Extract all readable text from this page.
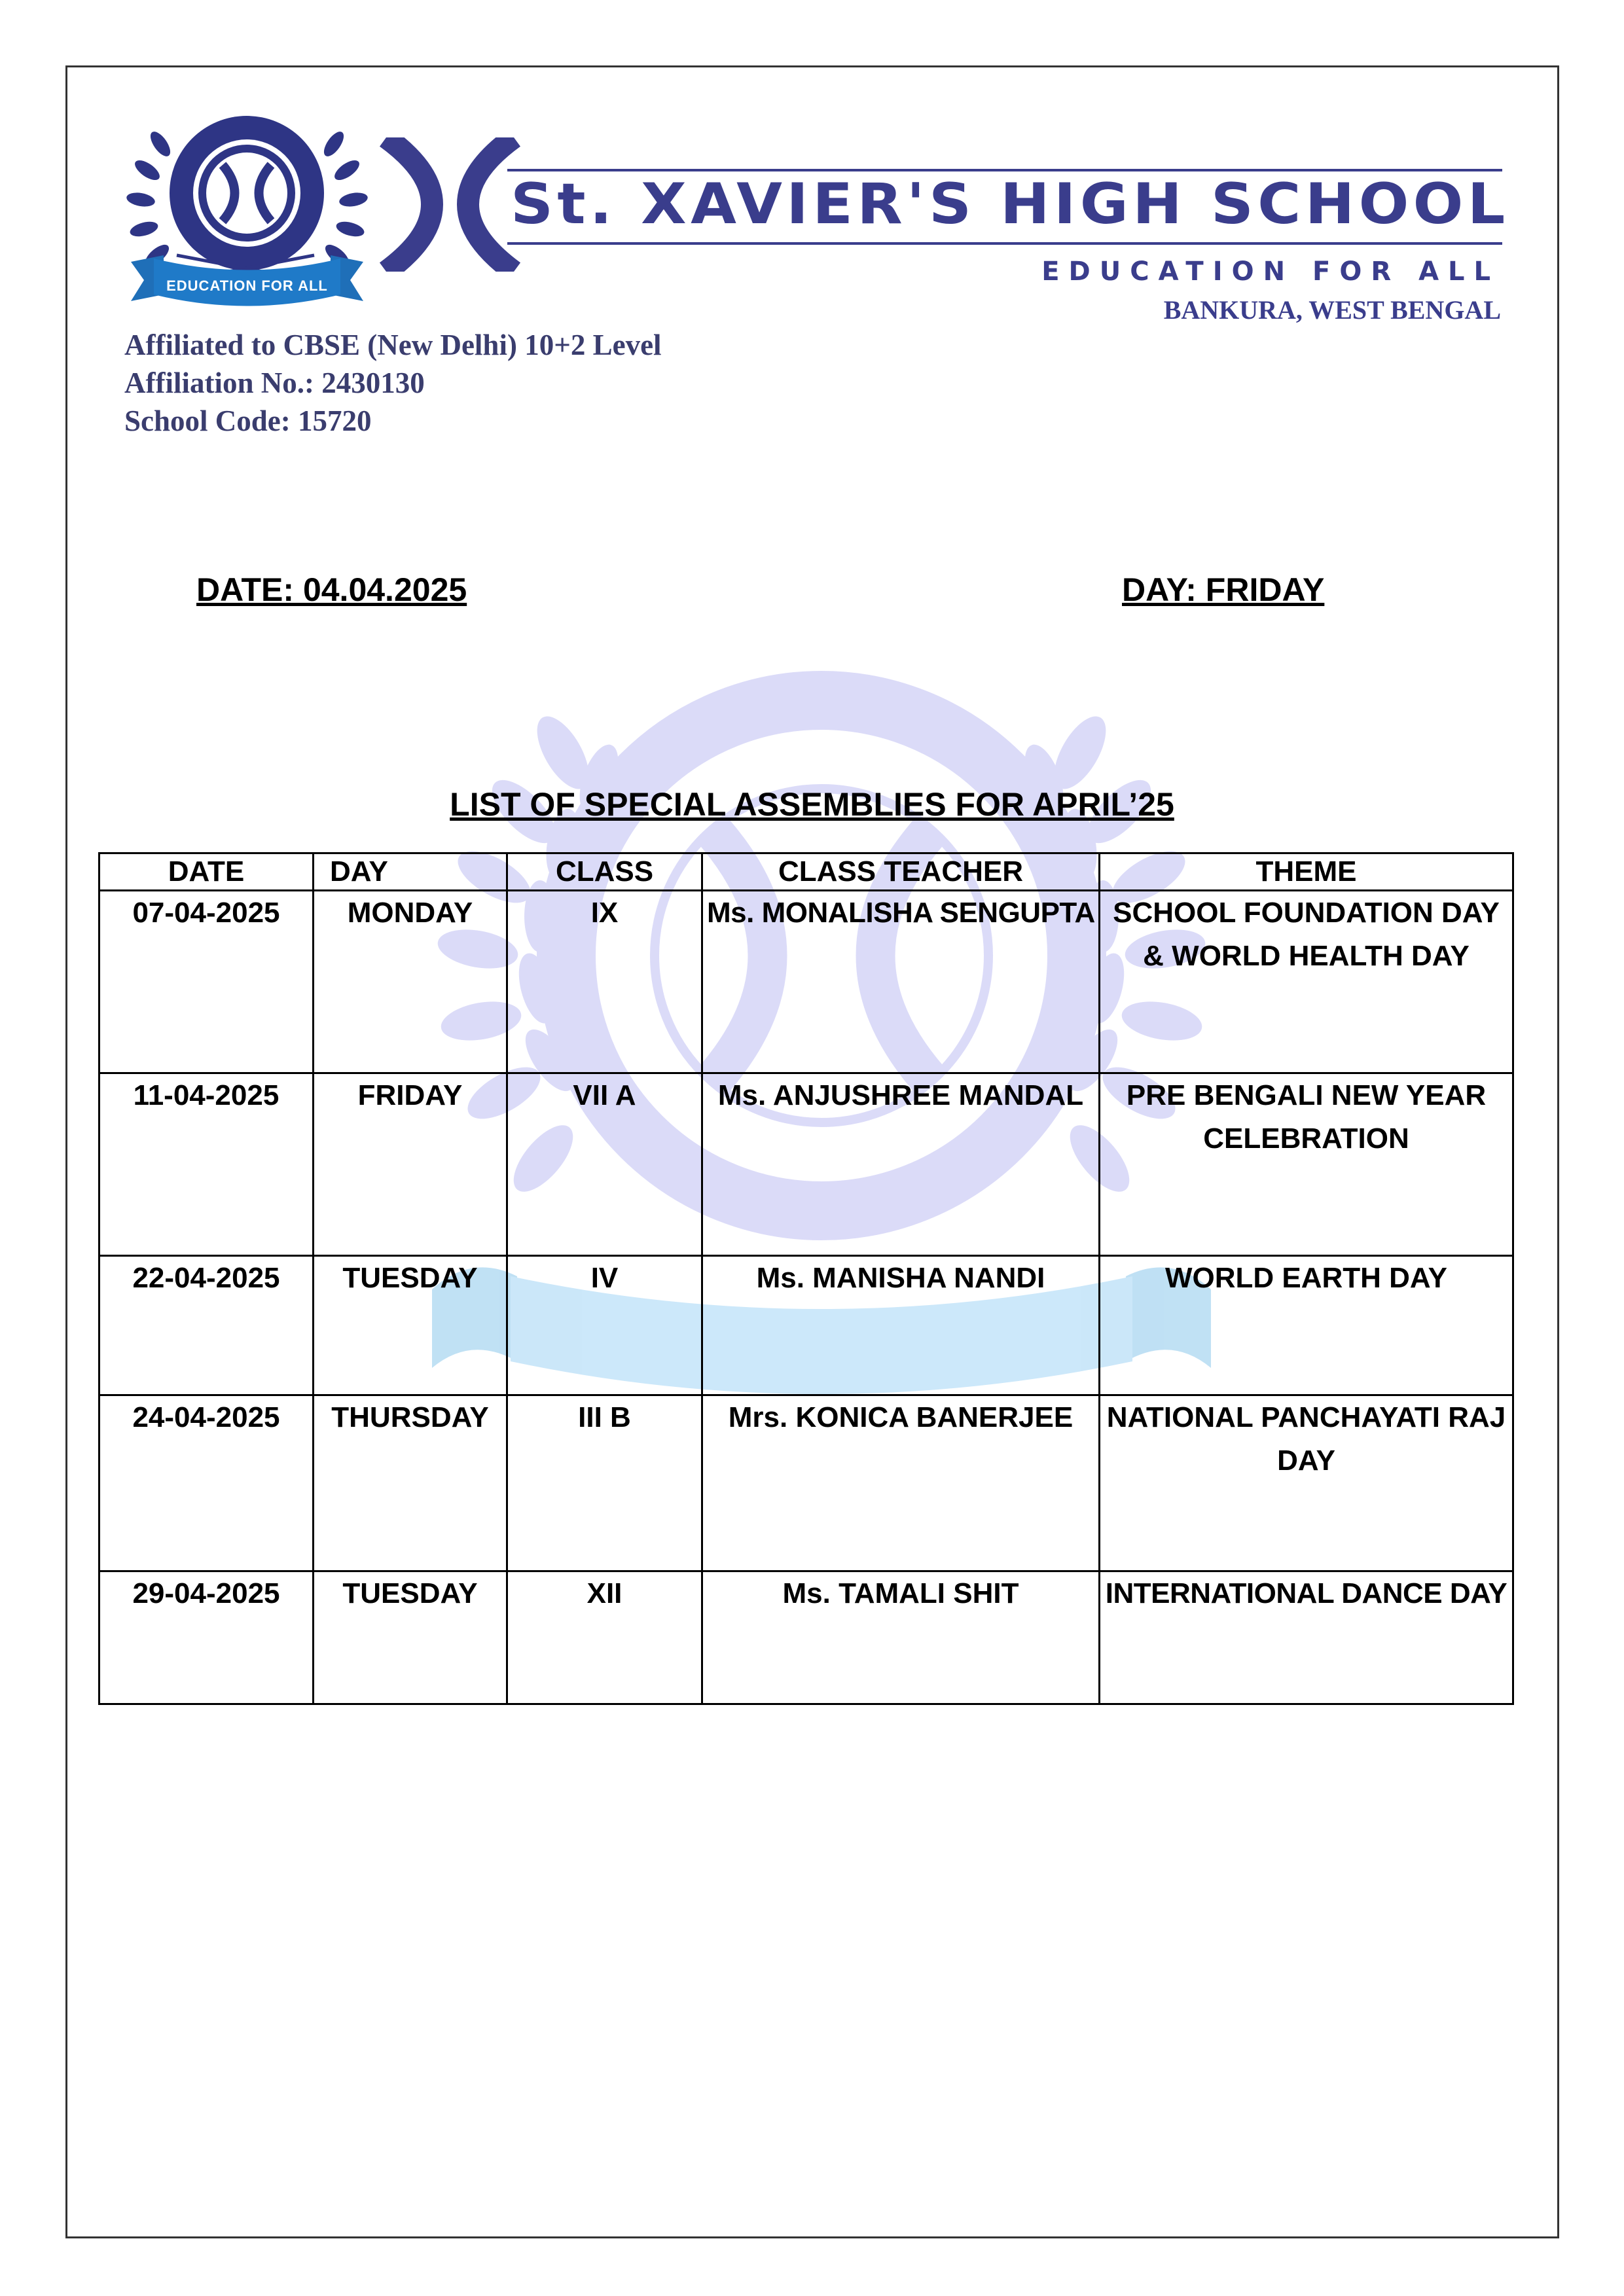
EDUCATION FOR ALL
St. XAVIER'S HIGH SCHOOL
EDUCATION FOR ALL
BANKURA, WEST BENGAL
Affiliated to CBSE (New Delhi) 10+2 Level
Affiliation No.: 2430130
School Code: 15720
DATE: 04.04.2025	DAY: FRIDAY
LIST OF SPECIAL ASSEMBLIES FOR APRIL’25
DATE	DAY	CLASS	CLASS TEACHER	THEME
07-04-2025	MONDAY	IX	Ms. MONALISHA SENGUPTA	SCHOOL FOUNDATION DAY & WORLD HEALTH DAY
11-04-2025	FRIDAY	VII A	Ms. ANJUSHREE MANDAL	PRE BENGALI NEW YEAR CELEBRATION
22-04-2025	TUESDAY	IV	Ms. MANISHA NANDI	WORLD EARTH DAY
24-04-2025	THURSDAY	III B	Mrs. KONICA BANERJEE	NATIONAL PANCHAYATI RAJ DAY
29-04-2025	TUESDAY	XII	Ms. TAMALI SHIT	INTERNATIONAL DANCE DAY
